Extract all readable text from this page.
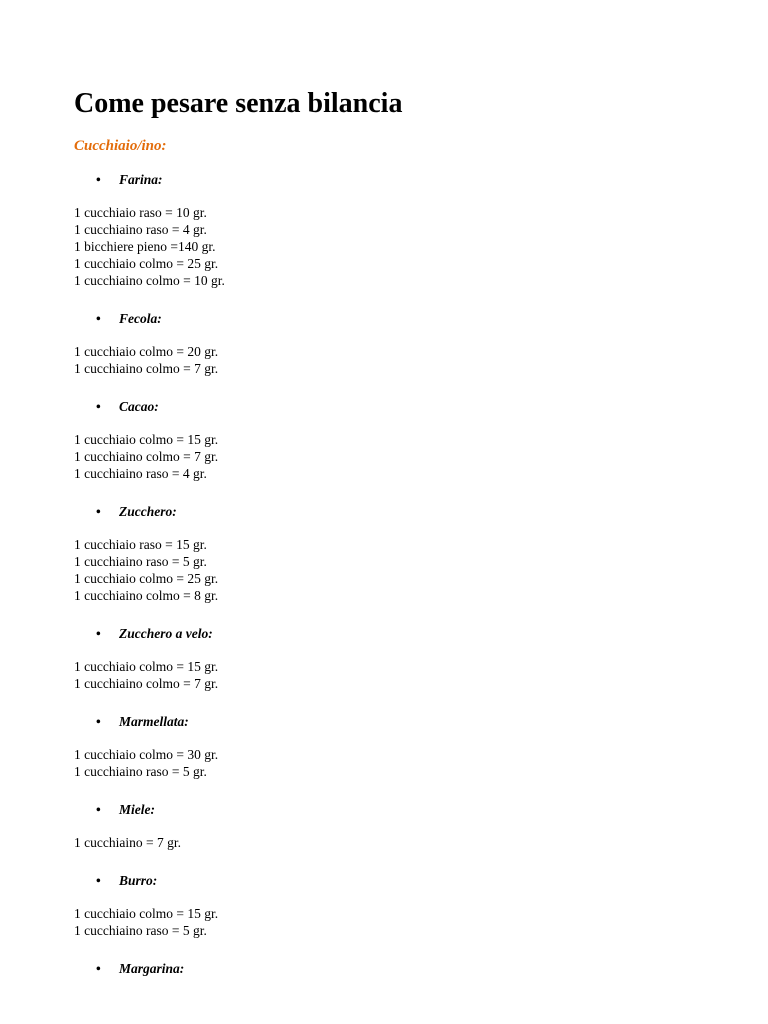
Come pesare senza bilancia
Cucchiaio/ino:
• Farina:
1 cucchiaio raso = 10 gr.
1 cucchiaino raso = 4 gr.
1 bicchiere pieno =140 gr.
1 cucchiaio colmo = 25 gr.
1 cucchiaino colmo = 10 gr.
• Fecola:
1 cucchiaio colmo = 20 gr.
1 cucchiaino colmo = 7 gr.
• Cacao:
1 cucchiaio colmo = 15 gr.
1 cucchiaino colmo = 7 gr.
1 cucchiaino raso = 4 gr.
• Zucchero:
1 cucchiaio raso = 15 gr.
1 cucchiaino raso = 5 gr.
1 cucchiaio colmo = 25 gr.
1 cucchiaino colmo = 8 gr.
• Zucchero a velo:
1 cucchiaio colmo = 15 gr.
1 cucchiaino colmo = 7 gr.
• Marmellata:
1 cucchiaio colmo = 30 gr.
1 cucchiaino raso = 5 gr.
• Miele:
1 cucchiaino = 7 gr.
• Burro:
1 cucchiaio colmo = 15 gr.
1 cucchiaino raso = 5 gr.
• Margarina:
